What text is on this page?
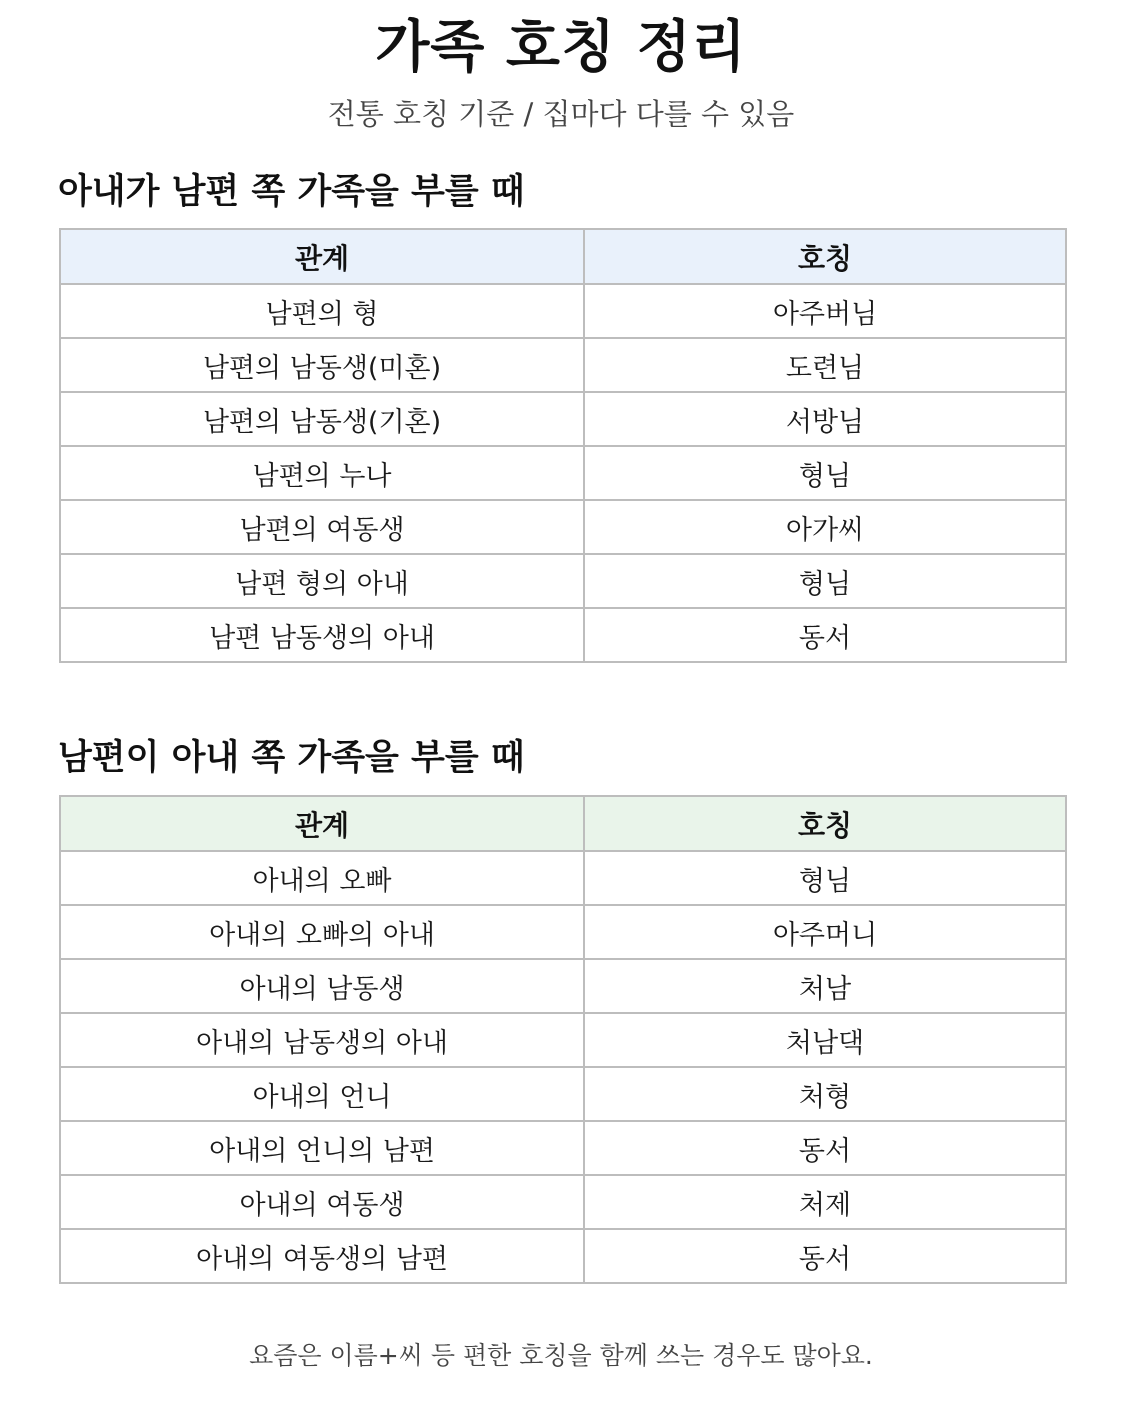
가족 호칭 정리
전통 호칭 기준 / 집마다 다를 수 있음
아내가 남편 쪽 가족을 부를 때
관계	호칭
남편의 형	아주버님
남편의 남동생(미혼)	도련님
남편의 남동생(기혼)	서방님
남편의 누나	형님
남편의 여동생	아가씨
남편 형의 아내	형님
남편 남동생의 아내	동서
남편이 아내 쪽 가족을 부를 때
관계	호칭
아내의 오빠	형님
아내의 오빠의 아내	아주머니
아내의 남동생	처남
아내의 남동생의 아내	처남댁
아내의 언니	처형
아내의 언니의 남편	동서
아내의 여동생	처제
아내의 여동생의 남편	동서
요즘은 이름+씨 등 편한 호칭을 함께 쓰는 경우도 많아요.
